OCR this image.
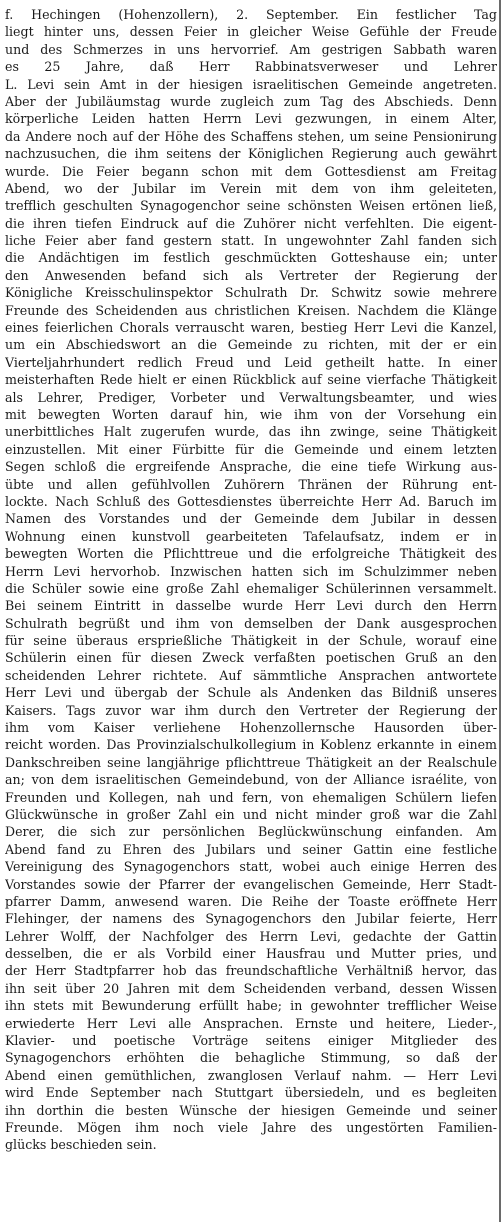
f. Hechingen (Hohenzollern), 2. September. Ein festlicher Tag
liegt hinter uns, dessen Feier in gleicher Weise Gefühle der Freude
und des Schmerzes in uns hervorrief. Am gestrigen Sabbath waren
es 25 Jahre, daß Herr Rabbinatsverweser und Lehrer
L. Levi sein Amt in der hiesigen israelitischen Gemeinde angetreten.
Aber der Jubiläumstag wurde zugleich zum Tag des Abschieds. Denn
körperliche Leiden hatten Herrn Levi gezwungen, in einem Alter,
da Andere noch auf der Höhe des Schaffens stehen, um seine Pensionirung
nachzusuchen, die ihm seitens der Königlichen Regierung auch gewährt
wurde. Die Feier begann schon mit dem Gottesdienst am Freitag
Abend, wo der Jubilar im Verein mit dem von ihm geleiteten,
trefflich geschulten Synagogenchor seine schönsten Weisen ertönen ließ,
die ihren tiefen Eindruck auf die Zuhörer nicht verfehlten. Die eigent-
liche Feier aber fand gestern statt. In ungewohnter Zahl fanden sich
die Andächtigen im festlich geschmückten Gotteshause ein; unter
den Anwesenden befand sich als Vertreter der Regierung der
Königliche Kreisschulinspektor Schulrath Dr. Schwitz sowie mehrere
Freunde des Scheidenden aus christlichen Kreisen. Nachdem die Klänge
eines feierlichen Chorals verrauscht waren, bestieg Herr Levi die Kanzel,
um ein Abschiedswort an die Gemeinde zu richten, mit der er ein
Vierteljahrhundert redlich Freud und Leid getheilt hatte. In einer
meisterhaften Rede hielt er einen Rückblick auf seine vierfache Thätigkeit
als Lehrer, Prediger, Vorbeter und Verwaltungsbeamter, und wies
mit bewegten Worten darauf hin, wie ihm von der Vorsehung ein
unerbittliches Halt zugerufen wurde, das ihn zwinge, seine Thätigkeit
einzustellen. Mit einer Fürbitte für die Gemeinde und einem letzten
Segen schloß die ergreifende Ansprache, die eine tiefe Wirkung aus-
übte und allen gefühlvollen Zuhörern Thränen der Rührung ent-
lockte. Nach Schluß des Gottesdienstes überreichte Herr Ad. Baruch im
Namen des Vorstandes und der Gemeinde dem Jubilar in dessen
Wohnung einen kunstvoll gearbeiteten Tafelaufsatz, indem er in
bewegten Worten die Pflichttreue und die erfolgreiche Thätigkeit des
Herrn Levi hervorhob. Inzwischen hatten sich im Schulzimmer neben
die Schüler sowie eine große Zahl ehemaliger Schülerinnen versammelt.
Bei seinem Eintritt in dasselbe wurde Herr Levi durch den Herrn
Schulrath begrüßt und ihm von demselben der Dank ausgesprochen
für seine überaus ersprießliche Thätigkeit in der Schule, worauf eine
Schülerin einen für diesen Zweck verfaßten poetischen Gruß an den
scheidenden Lehrer richtete. Auf sämmtliche Ansprachen antwortete
Herr Levi und übergab der Schule als Andenken das Bildniß unseres
Kaisers. Tags zuvor war ihm durch den Vertreter der Regierung der
ihm vom Kaiser verliehene Hohenzollernsche Hausorden über-
reicht worden. Das Provinzialschulkollegium in Koblenz erkannte in einem
Dankschreiben seine langjährige pflichttreue Thätigkeit an der Realschule
an; von dem israelitischen Gemeindebund, von der Alliance israélite, von
Freunden und Kollegen, nah und fern, von ehemaligen Schülern liefen
Glückwünsche in großer Zahl ein und nicht minder groß war die Zahl
Derer, die sich zur persönlichen Beglückwünschung einfanden. Am
Abend fand zu Ehren des Jubilars und seiner Gattin eine festliche
Vereinigung des Synagogenchors statt, wobei auch einige Herren des
Vorstandes sowie der Pfarrer der evangelischen Gemeinde, Herr Stadt-
pfarrer Damm, anwesend waren. Die Reihe der Toaste eröffnete Herr
Flehinger, der namens des Synagogenchors den Jubilar feierte, Herr
Lehrer Wolff, der Nachfolger des Herrn Levi, gedachte der Gattin
desselben, die er als Vorbild einer Hausfrau und Mutter pries, und
der Herr Stadtpfarrer hob das freundschaftliche Verhältniß hervor, das
ihn seit über 20 Jahren mit dem Scheidenden verband, dessen Wissen
ihn stets mit Bewunderung erfüllt habe; in gewohnter trefflicher Weise
erwiederte Herr Levi alle Ansprachen. Ernste und heitere, Lieder-,
Klavier- und poetische Vorträge seitens einiger Mitglieder des
Synagogenchors erhöhten die behagliche Stimmung, so daß der
Abend einen gemüthlichen, zwanglosen Verlauf nahm. — Herr Levi
wird Ende September nach Stuttgart übersiedeln, und es begleiten
ihn dorthin die besten Wünsche der hiesigen Gemeinde und seiner
Freunde. Mögen ihm noch viele Jahre des ungestörten Familien-
glücks beschieden sein.
